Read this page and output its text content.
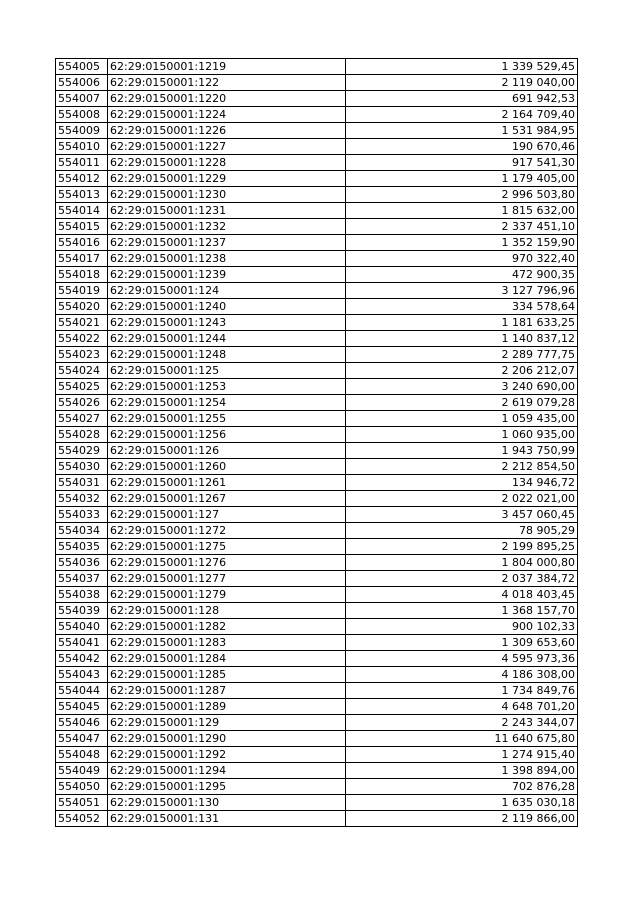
554005	62:29:0150001:1219	1 339 529,45
554006	62:29:0150001:122	2 119 040,00
554007	62:29:0150001:1220	691 942,53
554008	62:29:0150001:1224	2 164 709,40
554009	62:29:0150001:1226	1 531 984,95
554010	62:29:0150001:1227	190 670,46
554011	62:29:0150001:1228	917 541,30
554012	62:29:0150001:1229	1 179 405,00
554013	62:29:0150001:1230	2 996 503,80
554014	62:29:0150001:1231	1 815 632,00
554015	62:29:0150001:1232	2 337 451,10
554016	62:29:0150001:1237	1 352 159,90
554017	62:29:0150001:1238	970 322,40
554018	62:29:0150001:1239	472 900,35
554019	62:29:0150001:124	3 127 796,96
554020	62:29:0150001:1240	334 578,64
554021	62:29:0150001:1243	1 181 633,25
554022	62:29:0150001:1244	1 140 837,12
554023	62:29:0150001:1248	2 289 777,75
554024	62:29:0150001:125	2 206 212,07
554025	62:29:0150001:1253	3 240 690,00
554026	62:29:0150001:1254	2 619 079,28
554027	62:29:0150001:1255	1 059 435,00
554028	62:29:0150001:1256	1 060 935,00
554029	62:29:0150001:126	1 943 750,99
554030	62:29:0150001:1260	2 212 854,50
554031	62:29:0150001:1261	134 946,72
554032	62:29:0150001:1267	2 022 021,00
554033	62:29:0150001:127	3 457 060,45
554034	62:29:0150001:1272	78 905,29
554035	62:29:0150001:1275	2 199 895,25
554036	62:29:0150001:1276	1 804 000,80
554037	62:29:0150001:1277	2 037 384,72
554038	62:29:0150001:1279	4 018 403,45
554039	62:29:0150001:128	1 368 157,70
554040	62:29:0150001:1282	900 102,33
554041	62:29:0150001:1283	1 309 653,60
554042	62:29:0150001:1284	4 595 973,36
554043	62:29:0150001:1285	4 186 308,00
554044	62:29:0150001:1287	1 734 849,76
554045	62:29:0150001:1289	4 648 701,20
554046	62:29:0150001:129	2 243 344,07
554047	62:29:0150001:1290	11 640 675,80
554048	62:29:0150001:1292	1 274 915,40
554049	62:29:0150001:1294	1 398 894,00
554050	62:29:0150001:1295	702 876,28
554051	62:29:0150001:130	1 635 030,18
554052	62:29:0150001:131	2 119 866,00
